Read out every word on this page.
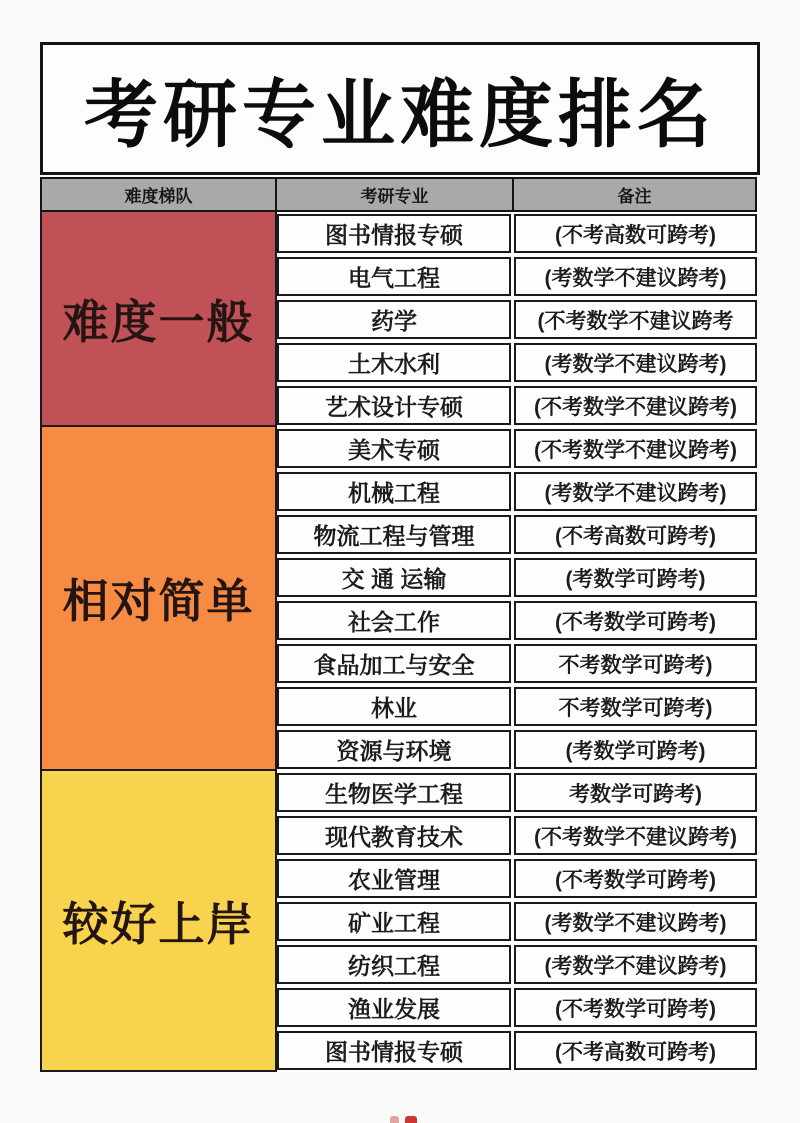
考研专业难度排名
难度梯队	考研专业	备注
难度一般
图书情报专硕	(不考高数可跨考)
电气工程	(考数学不建议跨考)
药学	(不考数学不建议跨考
土木水利	(考数学不建议跨考)
艺术设计专硕	(不考数学不建议跨考)
相对简单
美术专硕	(不考数学不建议跨考)
机械工程	(考数学不建议跨考)
物流工程与管理	(不考高数可跨考)
交 通 运输	(考数学可跨考)
社会工作	(不考数学可跨考)
食品加工与安全	不考数学可跨考)
林业	不考数学可跨考)
资源与环境	(考数学可跨考)
较好上岸
生物医学工程	考数学可跨考)
现代教育技术	(不考数学不建议跨考)
农业管理	(不考数学可跨考)
矿业工程	(考数学不建议跨考)
纺织工程	(考数学不建议跨考)
渔业发展	(不考数学可跨考)
图书情报专硕	(不考高数可跨考)
